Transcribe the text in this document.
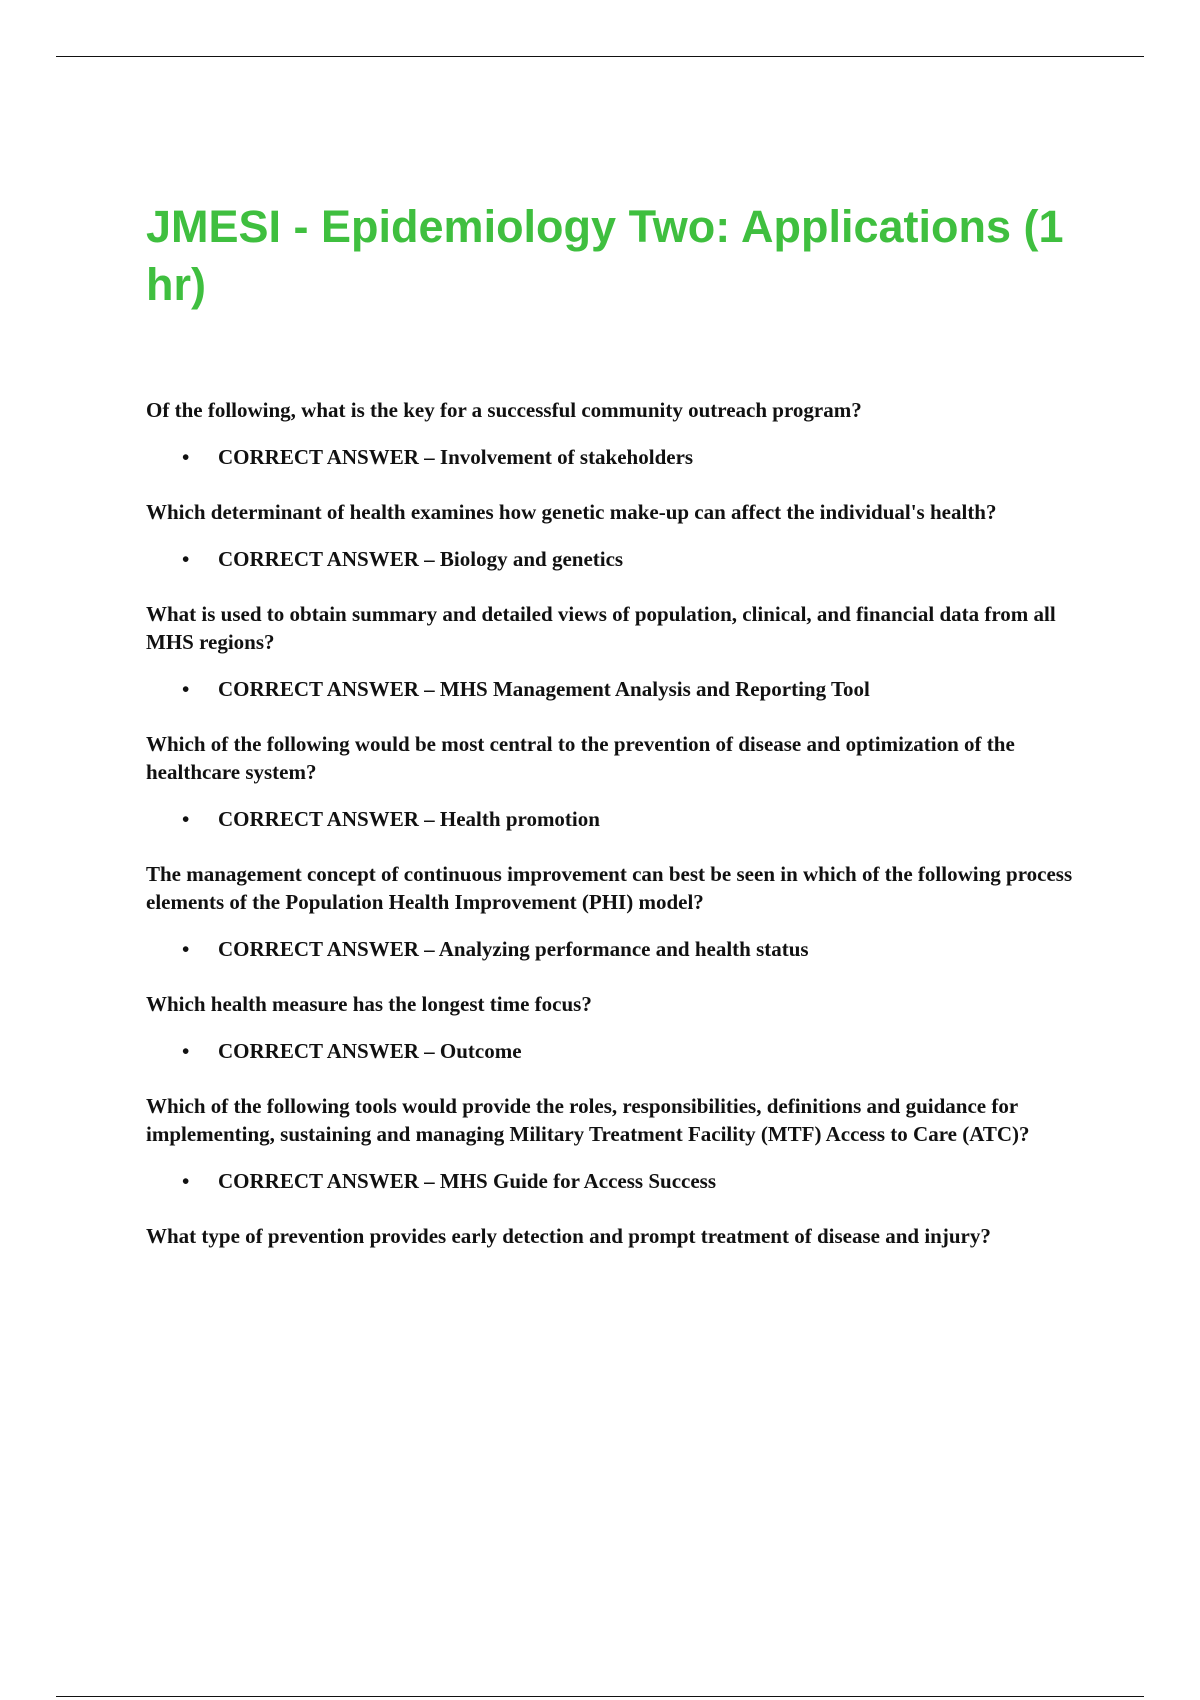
JMESI - Epidemiology Two: Applications (1 hr)

Of the following, what is the key for a successful community outreach program?

• CORRECT ANSWER – Involvement of stakeholders

Which determinant of health examines how genetic make-up can affect the individual's health?

• CORRECT ANSWER – Biology and genetics

What is used to obtain summary and detailed views of population, clinical, and financial data from all MHS regions?

• CORRECT ANSWER – MHS Management Analysis and Reporting Tool

Which of the following would be most central to the prevention of disease and optimization of the healthcare system?

• CORRECT ANSWER – Health promotion

The management concept of continuous improvement can best be seen in which of the following process elements of the Population Health Improvement (PHI) model?

• CORRECT ANSWER – Analyzing performance and health status

Which health measure has the longest time focus?

• CORRECT ANSWER – Outcome

Which of the following tools would provide the roles, responsibilities, definitions and guidance for implementing, sustaining and managing Military Treatment Facility (MTF) Access to Care (ATC)?

• CORRECT ANSWER – MHS Guide for Access Success

What type of prevention provides early detection and prompt treatment of disease and injury?
